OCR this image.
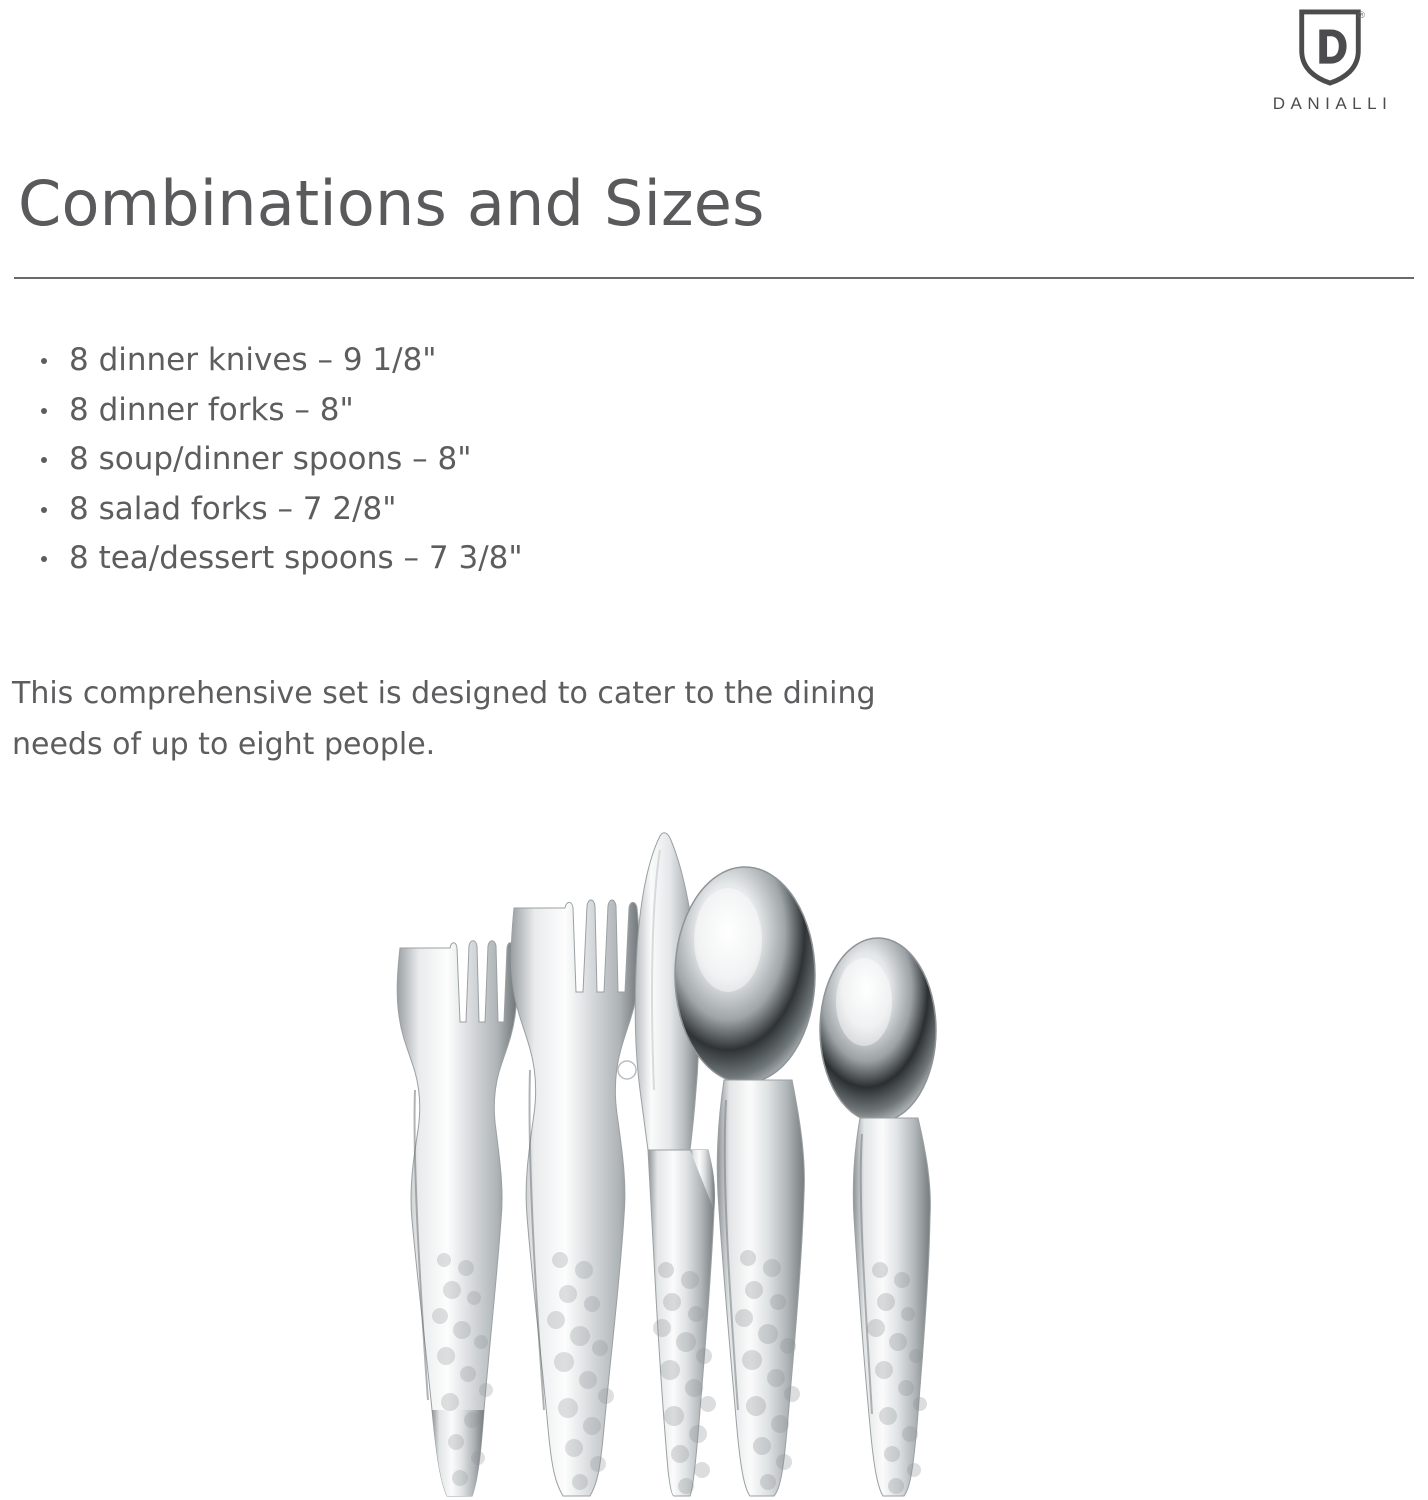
®
DANIALLI
Combinations and Sizes
8 dinner knives – 9 1/8"
8 dinner forks – 8"
8 soup/dinner spoons – 8"
8 salad forks – 7 2/8"
8 tea/dessert spoons – 7 3/8"

This comprehensive set is designed to cater to the dining needs of up to eight people.
